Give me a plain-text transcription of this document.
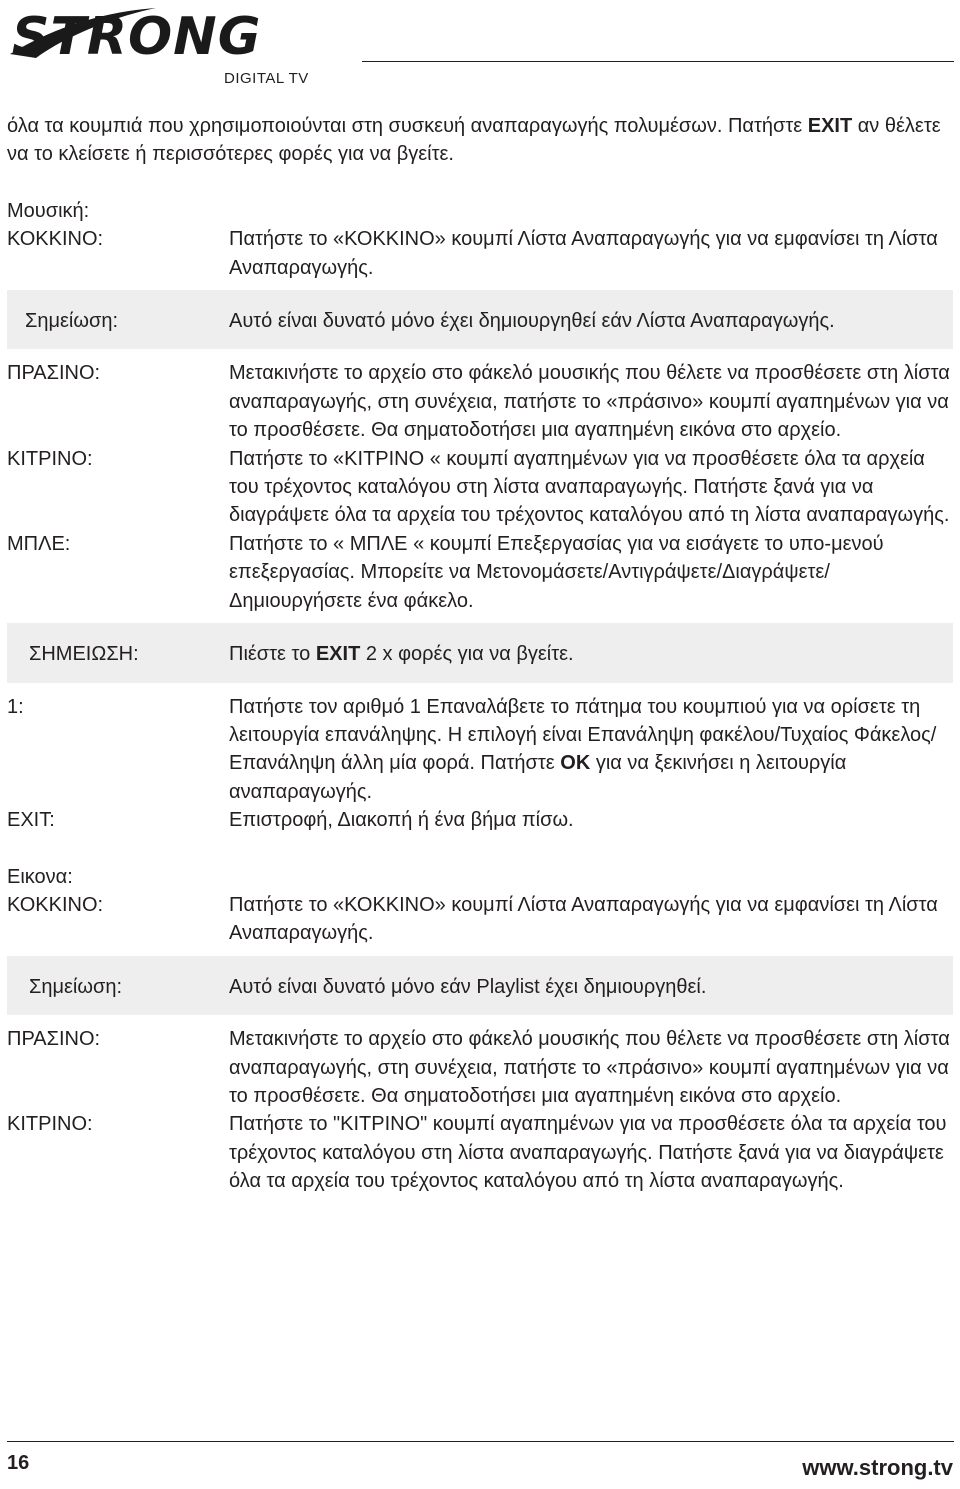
STRONG
DIGITAL TV

όλα τα κουμπιά που χρησιμοποιούνται στη συσκευή αναπαραγωγής πολυμέσων. Πατήστε EXIT αν θέλετε να το κλείσετε ή περισσότερες φορές για να βγείτε.

Μουσική:
ΚΟΚΚΙΝΟ:	Πατήστε το «ΚΟΚΚΙΝΟ» κουμπί Λίστα Αναπαραγωγής για να εμφανίσει τη Λίστα Αναπαραγωγής.
Σημείωση:	Αυτό είναι δυνατό μόνο έχει δημιουργηθεί εάν Λίστα Αναπαραγωγής.
ΠΡΑΣΙΝΟ:	Μετακινήστε το αρχείο στο φάκελό μουσικής που θέλετε να προσθέσετε στη λίστα αναπαραγωγής, στη συνέχεια, πατήστε το «πράσινο» κουμπί αγαπημένων για να το προσθέσετε. Θα σηματοδοτήσει μια αγαπημένη εικόνα στο αρχείο.
ΚΙΤΡΙΝΟ:	Πατήστε το «ΚΙΤΡΙΝΟ « κουμπί αγαπημένων για να προσθέσετε όλα τα αρχεία του τρέχοντος καταλόγου στη λίστα αναπαραγωγής. Πατήστε ξανά για να διαγράψετε όλα τα αρχεία του τρέχοντος καταλόγου από τη λίστα αναπαραγωγής.
ΜΠΛΕ:	Πατήστε το « ΜΠΛΕ « κουμπί Επεξεργασίας για να εισάγετε το υπο-μενού επεξεργασίας. Μπορείτε να Μετονομάσετε/Αντιγράψετε/Διαγράψετε/Δημιουργήσετε ένα φάκελο.
ΣΗΜΕΙΩΣΗ:	Πιέστε το EXIT 2 x φορές για να βγείτε.
1:	Πατήστε τον αριθμό 1 Επαναλάβετε το πάτημα του κουμπιού για να ορίσετε τη λειτουργία επανάληψης. Η επιλογή είναι Επανάληψη φακέλου/Τυχαίος Φάκελος/Επανάληψη άλλη μία φορά. Πατήστε OK για να ξεκινήσει η λειτουργία αναπαραγωγής.
EXIT:	Επιστροφή, Διακοπή ή ένα βήμα πίσω.
Εικονα:
ΚΟΚΚΙΝΟ:	Πατήστε το «ΚΟΚΚΙΝΟ» κουμπί Λίστα Αναπαραγωγής για να εμφανίσει τη Λίστα Αναπαραγωγής.
Σημείωση:	Αυτό είναι δυνατό μόνο εάν Playlist έχει δημιουργηθεί.
ΠΡΑΣΙΝΟ:	Μετακινήστε το αρχείο στο φάκελό μουσικής που θέλετε να προσθέσετε στη λίστα αναπαραγωγής, στη συνέχεια, πατήστε το «πράσινο» κουμπί αγαπημένων για να το προσθέσετε. Θα σηματοδοτήσει μια αγαπημένη εικόνα στο αρχείο.
ΚΙΤΡΙΝΟ:	Πατήστε το "ΚΙΤΡΙΝΟ" κουμπί αγαπημένων για να προσθέσετε όλα τα αρχεία του τρέχοντος καταλόγου στη λίστα αναπαραγωγής. Πατήστε ξανά για να διαγράψετε όλα τα αρχεία του τρέχοντος καταλόγου από τη λίστα αναπαραγωγής.
16	www.strong.tv
